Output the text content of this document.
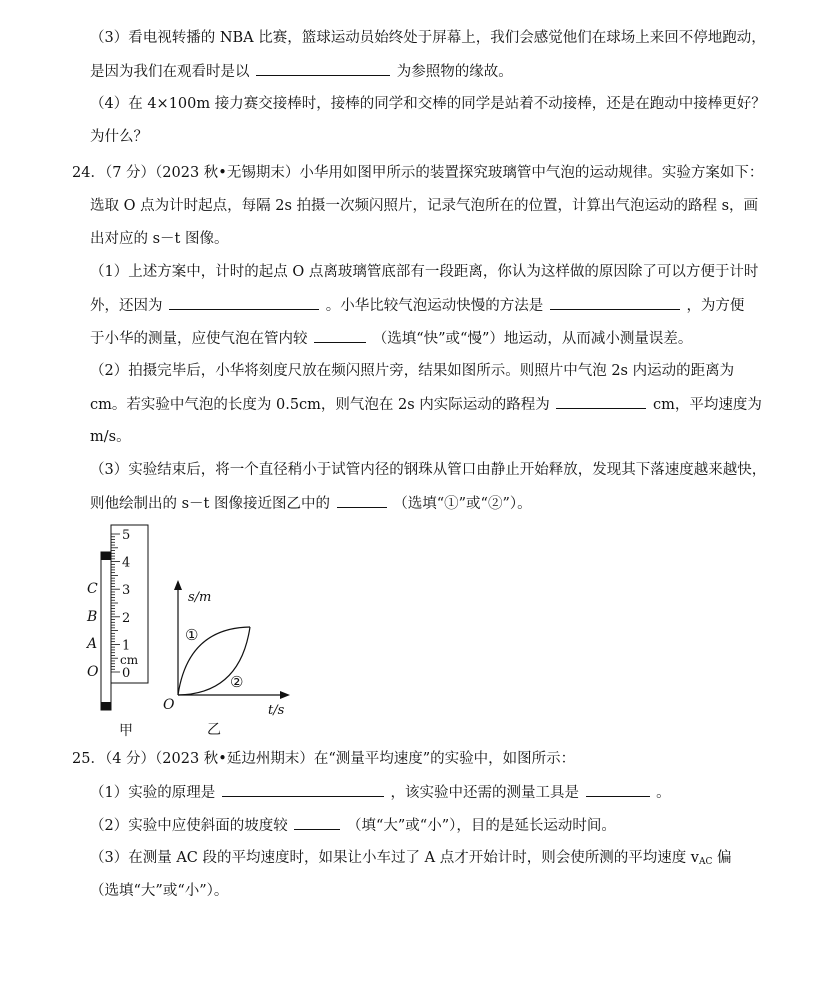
（3）看电视转播的 NBA 比赛，篮球运动员始终处于屏幕上，我们会感觉他们在球场上来回不停地跑动，
是因为我们在观看时是以	为参照物的缘故。
（4）在 4×100m 接力赛交接棒时，接棒的同学和交棒的同学是站着不动接棒，还是在跑动中接棒更好？
为什么？
24．（7 分）（2023 秋•无锡期末）小华用如图甲所示的装置探究玻璃管中气泡的运动规律。实验方案如下：
选取 O 点为计时起点，每隔 2s 拍摄一次频闪照片，记录气泡所在的位置，计算出气泡运动的路程 s，画
出对应的 s－t 图像。
（1）上述方案中，计时的起点 O 点离玻璃管底部有一段距离，你认为这样做的原因除了可以方便于计时
外，还因为	。小华比较气泡运动快慢的方法是	，为方便
于小华的测量，应使气泡在管内较	（选填“快”或“慢”）地运动，从而减小测量误差。
（2）拍摄完毕后，小华将刻度尺放在频闪照片旁，结果如图所示。则照片中气泡 2s 内运动的距离为
cm。若实验中气泡的长度为 0.5cm，则气泡在 2s 内实际运动的路程为	cm，平均速度为
m/s。
（3）实验结束后，将一个直径稍小于试管内径的钢珠从管口由静止开始释放，发现其下落速度越来越快，
则他绘制出的 s－t 图像接近图乙中的	（选填“①”或“②”）。
0
1
2
3
4
5
cm
C
B
A
O
甲
s/m
t/s
O
①
②
乙
25．（4 分）（2023 秋•延边州期末）在“测量平均速度”的实验中，如图所示：
（1）实验的原理是	，该实验中还需的测量工具是	。
（2）实验中应使斜面的坡度较	（填“大”或“小”），目的是延长运动时间。
（3）在测量 AC 段的平均速度时，如果让小车过了 A 点才开始计时，则会使所测的平均速度 $v_{AC}$ 偏
（选填“大”或“小”）。
